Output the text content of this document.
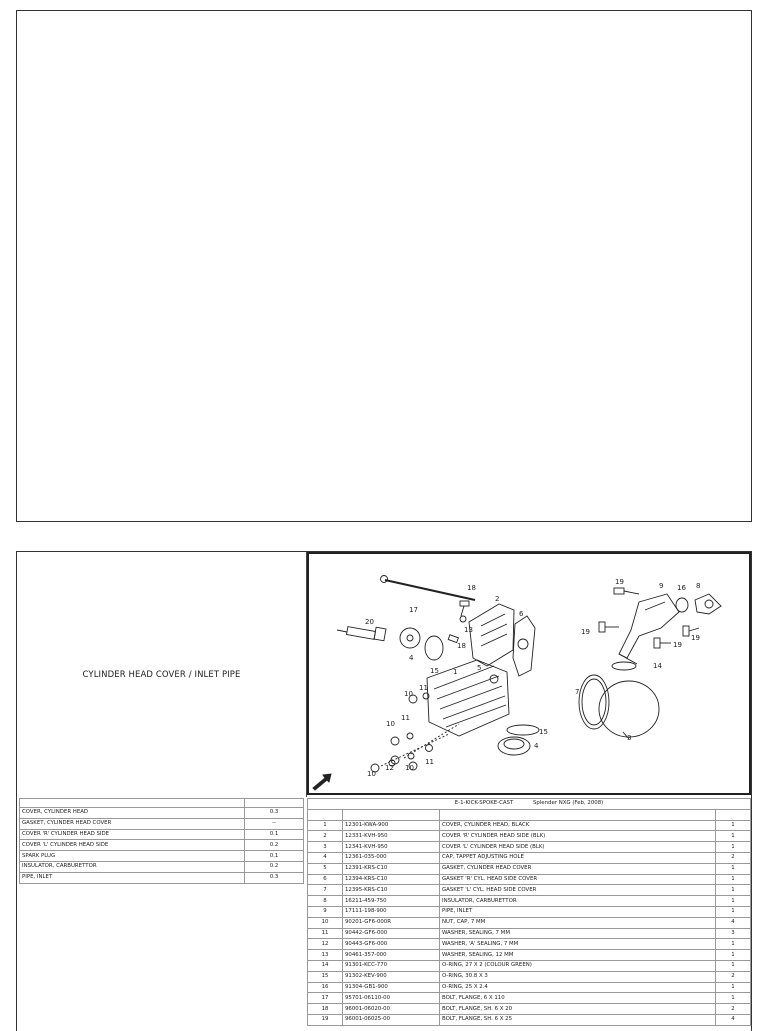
CYLINDER HEAD COVER / INLET PIPE
18
17
2
6
13
18
20
4
15 1	5
10
11
11
10
10
12 10
11
15
4
19	9 16 8
19
19
19
14
7
3

COVER, CYLINDER HEAD	0.3
GASKET, CYLINDER HEAD COVER	--
COVER 'R' CYLINDER HEAD SIDE	0.1
COVER 'L' CYLINDER HEAD SIDE	0.2
SPARK PLUG	0.1
INSULATOR, CARBURETTOR	0.2
PIPE, INLET	0.3
E-1-KICK-SPOKE-CAST Splender NXG (Feb, 2008)			

1	12301-KWA-900	COVER, CYLINDER HEAD, BLACK	1
2	12331-KVH-950	COVER 'R' CYLINDER HEAD SIDE (BLK)	1
3	12341-KVH-950	COVER 'L' CYLINDER HEAD SIDE (BLK)	1
4	12361-035-000	CAP, TAPPET ADJUSTING HOLE	2
5	12391-KRS-C10	GASKET, CYLINDER HEAD COVER	1
6	12394-KRS-C10	GASKET 'R' CYL. HEAD SIDE COVER	1
7	12395-KRS-C10	GASKET 'L' CYL. HEAD SIDE COVER	1
8	16211-459-750	INSULATOR, CARBURETTOR	1
9	17111-198-900	PIPE, INLET	1
10	90201-GF6-000R	NUT, CAP, 7 MM	4
11	90442-GF6-000	WASHER, SEALING, 7 MM	3
12	90443-GF6-000	WASHER, 'A' SEALING, 7 MM	1
13	90461-357-000	WASHER, SEALING, 12 MM	1
14	91301-KCC-770	O-RING, 27 X 2 (COLOUR GREEN)	1
15	91302-KEV-900	O-RING, 30.8 X 3	2
16	91304-GB1-900	O-RING, 25 X 2.4	1
17	95701-06110-00	BOLT, FLANGE, 6 X 110	1
18	96001-06020-00	BOLT, FLANGE, SH. 6 X 20	2
19	96001-06025-00	BOLT, FLANGE, SH. 6 X 25	4
